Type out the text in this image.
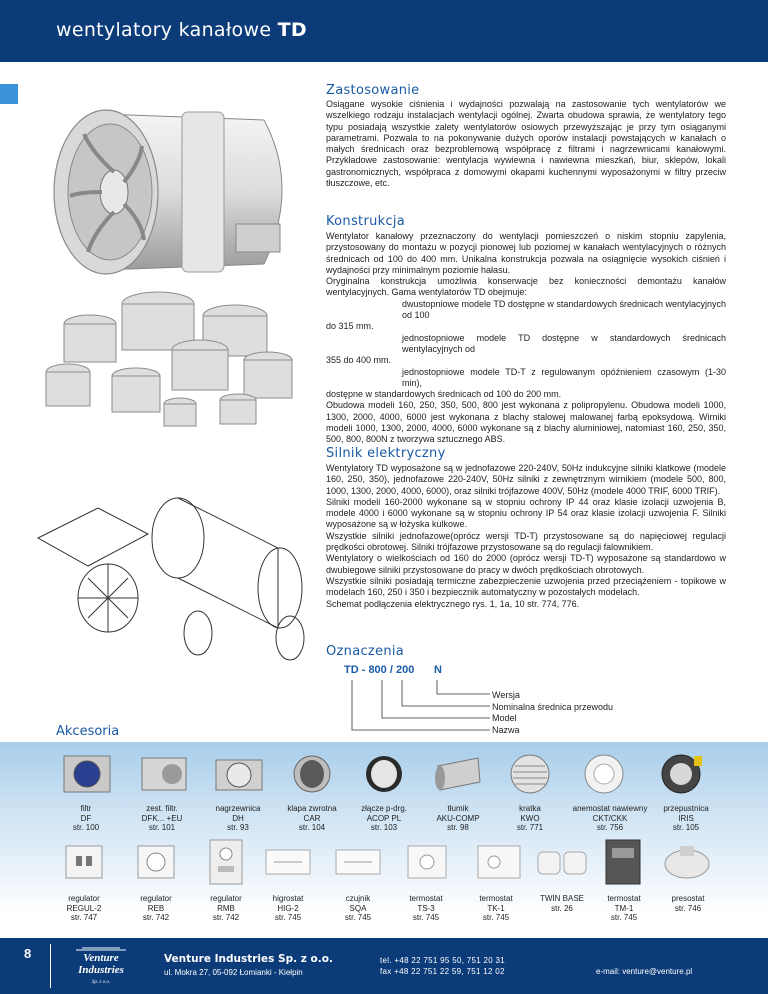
wentylatory kanałowe TD
Zastosowanie
Osiągane wysokie ciśnienia i wydajności pozwalają na zastosowanie tych wentylatorów we wszelkiego rodzaju instalacjach wentylacji ogólnej. Zwarta obudowa sprawia, że wentylatory tego typu posiadają wszystkie zalety wentylatorów osiowych przewyższając je przy tym osiąganymi parametrami. Pozwala to na pokonywanie dużych oporów instalacji powstających w kanałach o małych średnicach oraz bezproblemową współpracę z filtrami i nagrzewnicami kanałowymi. Przykładowe zastosowanie: wentylacja wywiewna i nawiewna mieszkań, biur, sklepów, lokali gastronomicznych, współpraca z domowymi okapami kuchennymi wyposażonymi w filtry przeciw tłuszczowe, etc.
Konstrukcja

Wentylator kanałowy przeznaczony do wentylacji pomieszczeń o niskim stopniu zapylenia, przystosowany do montażu w pozycji pionowej lub poziomej w kanałach wentylacyjnych o różnych średnicach od 100 do 400 mm. Unikalna konstrukcja pozwala na osiągnięcie wysokich ciśnień i wydajności przy minimalnym poziomie hałasu.

Oryginalna konstrukcja umożliwia konserwacje bez konieczności demontażu kanałów wentylacyjnych. Gama wentylatorów TD obejmuje:

dwustopniowe modele TD dostępne w standardowych średnicach wentylacyjnych od 100

do 315 mm.

jednostopniowe modele TD dostępne w standardowych średnicach wentylacyjnych od

355 do 400 mm.

jednostopniowe modele TD-T z regulowanym opóźnieniem czasowym (1-30 min),

dostępne w standardowych średnicach od 100 do 200 mm.

Obudowa modeli 160, 250, 350, 500, 800 jest wykonana z polipropylenu. Obudowa modeli 1000, 1300, 2000, 4000, 6000 jest wykonana z blachy stalowej malowanej farbą epoksydową. Wirniki modeli 1000, 1300, 2000, 4000, 6000 wykonane są z blachy aluminiowej, natomiast 160, 250, 350, 500, 800, 800N z tworzywa sztucznego ABS.

Silnik elektryczny

Wentylatory TD wyposażone są w jednofazowe 220-240V, 50Hz indukcyjne silniki klatkowe (modele 160, 250, 350), jednofazowe 220-240V, 50Hz silniki z zewnętrznym wirnikiem (modele 500, 800, 1000, 1300, 2000, 4000, 6000), oraz silniki trójfazowe 400V, 50Hz (modele 4000 TRIF, 6000 TRIF).

Silniki modeli 160-2000 wykonane są w stopniu ochrony IP 44 oraz klasie izolacji uzwojenia B, modele 4000 i 6000 wykonane są w stopniu ochrony IP 54 oraz klasie izolacji uzwojenia F. Silniki wyposażone są w łożyska kulkowe.

Wszystkie silniki jednofazowe(oprócz wersji TD-T) przystosowane są do napięciowej regulacji prędkości obrotowej. Silniki trójfazowe przystosowane są do regulacji falownikiem.

Wentylatory o wielkościach od 160 do 2000 (oprócz wersji TD-T) wyposażone są standardowo w dwubiegowe silniki przystosowane do pracy w dwóch prędkościach obrotowych.

Wszystkie silniki posiadają termiczne zabezpieczenie uzwojenia przed przeciążeniem - topikowe w modelach 160, 250 i 350 i bezpiecznik automatyczny w pozostałych modelach.

Schemat podłączenia elektrycznego rys. 1, 1a, 10 str. 774, 776.

Oznaczenia
TD - 800 / 200 N
Wersja
Nominalna średnica przewodu
Model
Nazwa
Akcesoria
filtr
DF
str. 100
zest. filtr.
DFK... +EU
str. 101
nagrzewnica
DH
str. 93
klapa zwrotna
CAR
str. 104
złącze p-drg.
ACOP PL
str. 103
tłumik
AKU-COMP
str. 98
kratka
KWO
str. 771
anemostat nawiewny
CKT/CKK
str. 756
przepustnica
IRIS
str. 105
regulator
REGUL-2
str. 747
regulator
REB
str. 742
regulator
RMB
str. 742
higrostat
HIG-2
str. 745
czujnik
SQA
str. 745
termostat
TS-3
str. 745
termostat
TK-1
str. 745
TWIN BASE
str. 26
termostat
TM-1
str. 745
presostat
str. 746
8	Venture
Industries
Sp. z o.o.
Venture Industries Sp. z o.o.
ul. Mokra 27, 05-092 Łomianki - Kiełpin
tel. +48 22 751 95 50, 751 20 31
fax +48 22 751 22 59, 751 12 02	e-mail: venture@venture.pl
